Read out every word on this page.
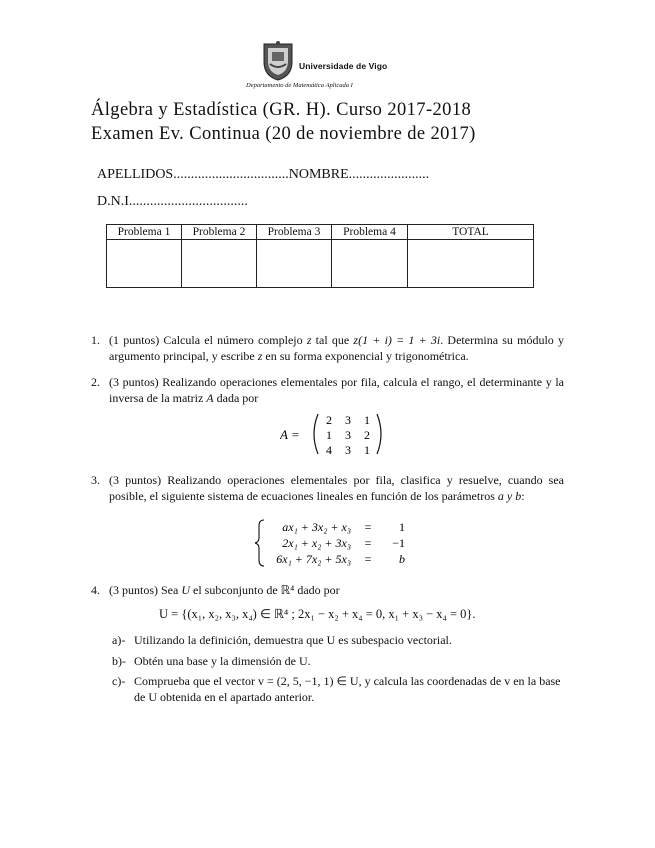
Universidade de Vigo
Departamento de Matemática Aplicada I
Álgebra y Estadística (GR. H). Curso 2017-2018
Examen Ev. Continua (20 de noviembre de 2017)
APELLIDOS.................................NOMBRE.......................
D.N.I..................................
Problema 1	Problema 2	Problema 3	Problema 4	TOTAL

1. (1 puntos) Calcula el número complejo z tal que z(1 + i) = 1 + 3i. Determina su módulo y argumento principal, y escribe z en su forma exponencial y trigonométrica.
2. (3 puntos) Realizando operaciones elementales por fila, calcula el rango, el determinante y la inversa de la matriz A dada por
A =
2 3 1
1 3 2
4 3 1
3. (3 puntos) Realizando operaciones elementales por fila, clasifica y resuelve, cuando sea posible, el siguiente sistema de ecuaciones lineales en función de los parámetros a y b:
ax₁ + 3x₂ + x₃ = 1
2x₁ + x₂ + 3x₃ = −1
6x₁ + 7x₂ + 5x₃ = b
4. (3 puntos) Sea U el subconjunto de ℝ⁴ dado por
U = {(x₁, x₂, x₃, x₄) ∈ ℝ⁴ ; 2x₁ − x₂ + x₄ = 0, x₁ + x₃ − x₄ = 0}.
a)- Utilizando la definición, demuestra que U es subespacio vectorial.
b)- Obtén una base y la dimensión de U.
c)- Comprueba que el vector v = (2, 5, −1, 1) ∈ U, y calcula las coordenadas de v en la base de U obtenida en el apartado anterior.
